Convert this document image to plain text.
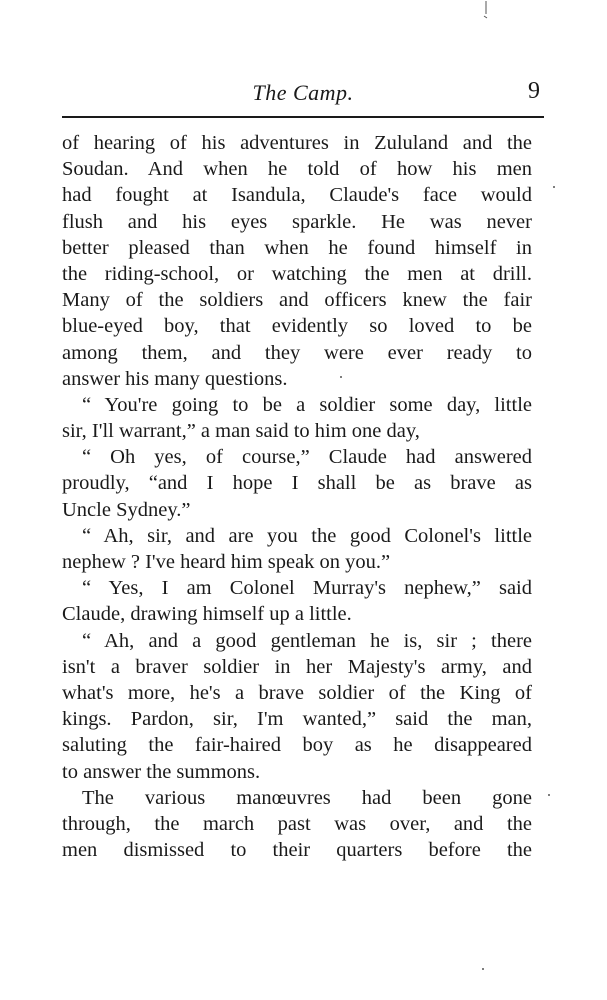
The Camp.	9
of hearing of his adventures in Zululand and the
Soudan. And when he told of how his men
had fought at Isandula, Claude's face would
flush and his eyes sparkle. He was never
better pleased than when he found himself in
the riding-school, or watching the men at drill.
Many of the soldiers and officers knew the fair
blue-eyed boy, that evidently so loved to be
among them, and they were ever ready to
answer his many questions.
“ You're going to be a soldier some day, little
sir, I'll warrant,” a man said to him one day,
“ Oh yes, of course,” Claude had answered
proudly, “and I hope I shall be as brave as
Uncle Sydney.”
“ Ah, sir, and are you the good Colonel's little
nephew ? I've heard him speak on you.”
“ Yes, I am Colonel Murray's nephew,” said
Claude, drawing himself up a little.
“ Ah, and a good gentleman he is, sir ; there
isn't a braver soldier in her Majesty's army, and
what's more, he's a brave soldier of the King of
kings. Pardon, sir, I'm wanted,” said the man,
saluting the fair-haired boy as he disappeared
to answer the summons.
The various manœuvres had been gone
through, the march past was over, and the
men dismissed to their quarters before the
